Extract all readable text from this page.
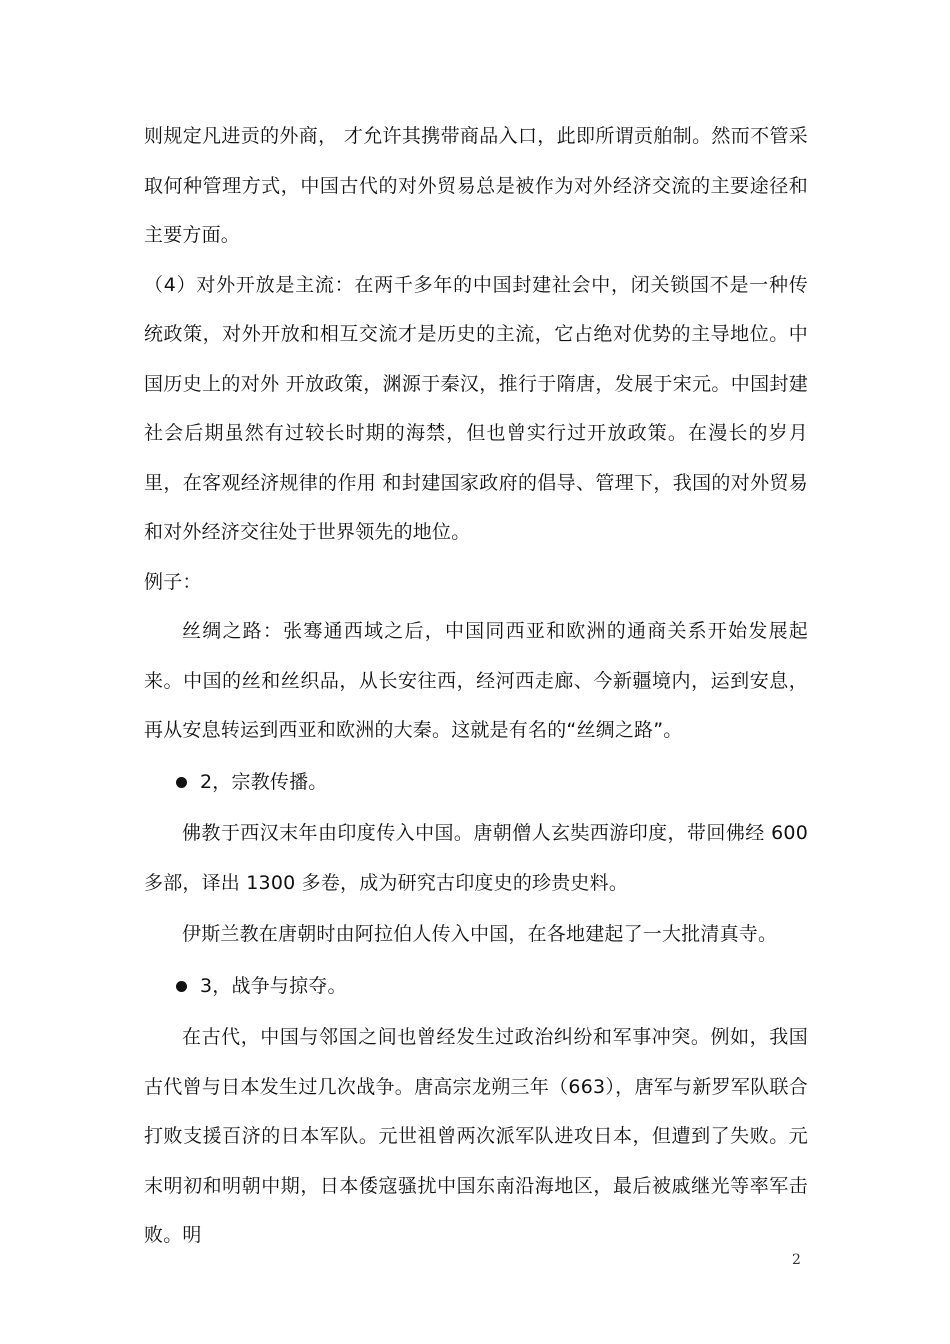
则规定凡进贡的外商， 才允许其携带商品入口，此即所谓贡舶制。然而不管采取何种管理方式，中国古代的对外贸易总是被作为对外经济交流的主要途径和主要方面。

（4）对外开放是主流：在两千多年的中国封建社会中，闭关锁国不是一种传统政策，对外开放和相互交流才是历史的主流，它占绝对优势的主导地位。中国历史上的对外 开放政策，渊源于秦汉，推行于隋唐，发展于宋元。中国封建社会后期虽然有过较长时期的海禁，但也曾实行过开放政策。在漫长的岁月里，在客观经济规律的作用 和封建国家政府的倡导、管理下，我国的对外贸易和对外经济交往处于世界领先的地位。

例子：

丝绸之路：张骞通西域之后，中国同西亚和欧洲的通商关系开始发展起来。中国的丝和丝织品，从长安往西，经河西走廊、今新疆境内，运到安息，再从安息转运到西亚和欧洲的大秦。这就是有名的“丝绸之路”。

2，宗教传播。

佛教于西汉末年由印度传入中国。唐朝僧人玄奘西游印度，带回佛经 600多部，译出 1300 多卷，成为研究古印度史的珍贵史料。

伊斯兰教在唐朝时由阿拉伯人传入中国，在各地建起了一大批清真寺。

3，战争与掠夺。

在古代，中国与邻国之间也曾经发生过政治纠纷和军事冲突。例如，我国古代曾与日本发生过几次战争。唐高宗龙朔三年（663），唐军与新罗军队联合打败支援百济的日本军队。元世祖曾两次派军队进攻日本，但遭到了失败。元末明初和明朝中期，日本倭寇骚扰中国东南沿海地区，最后被戚继光等率军击败。明

2
